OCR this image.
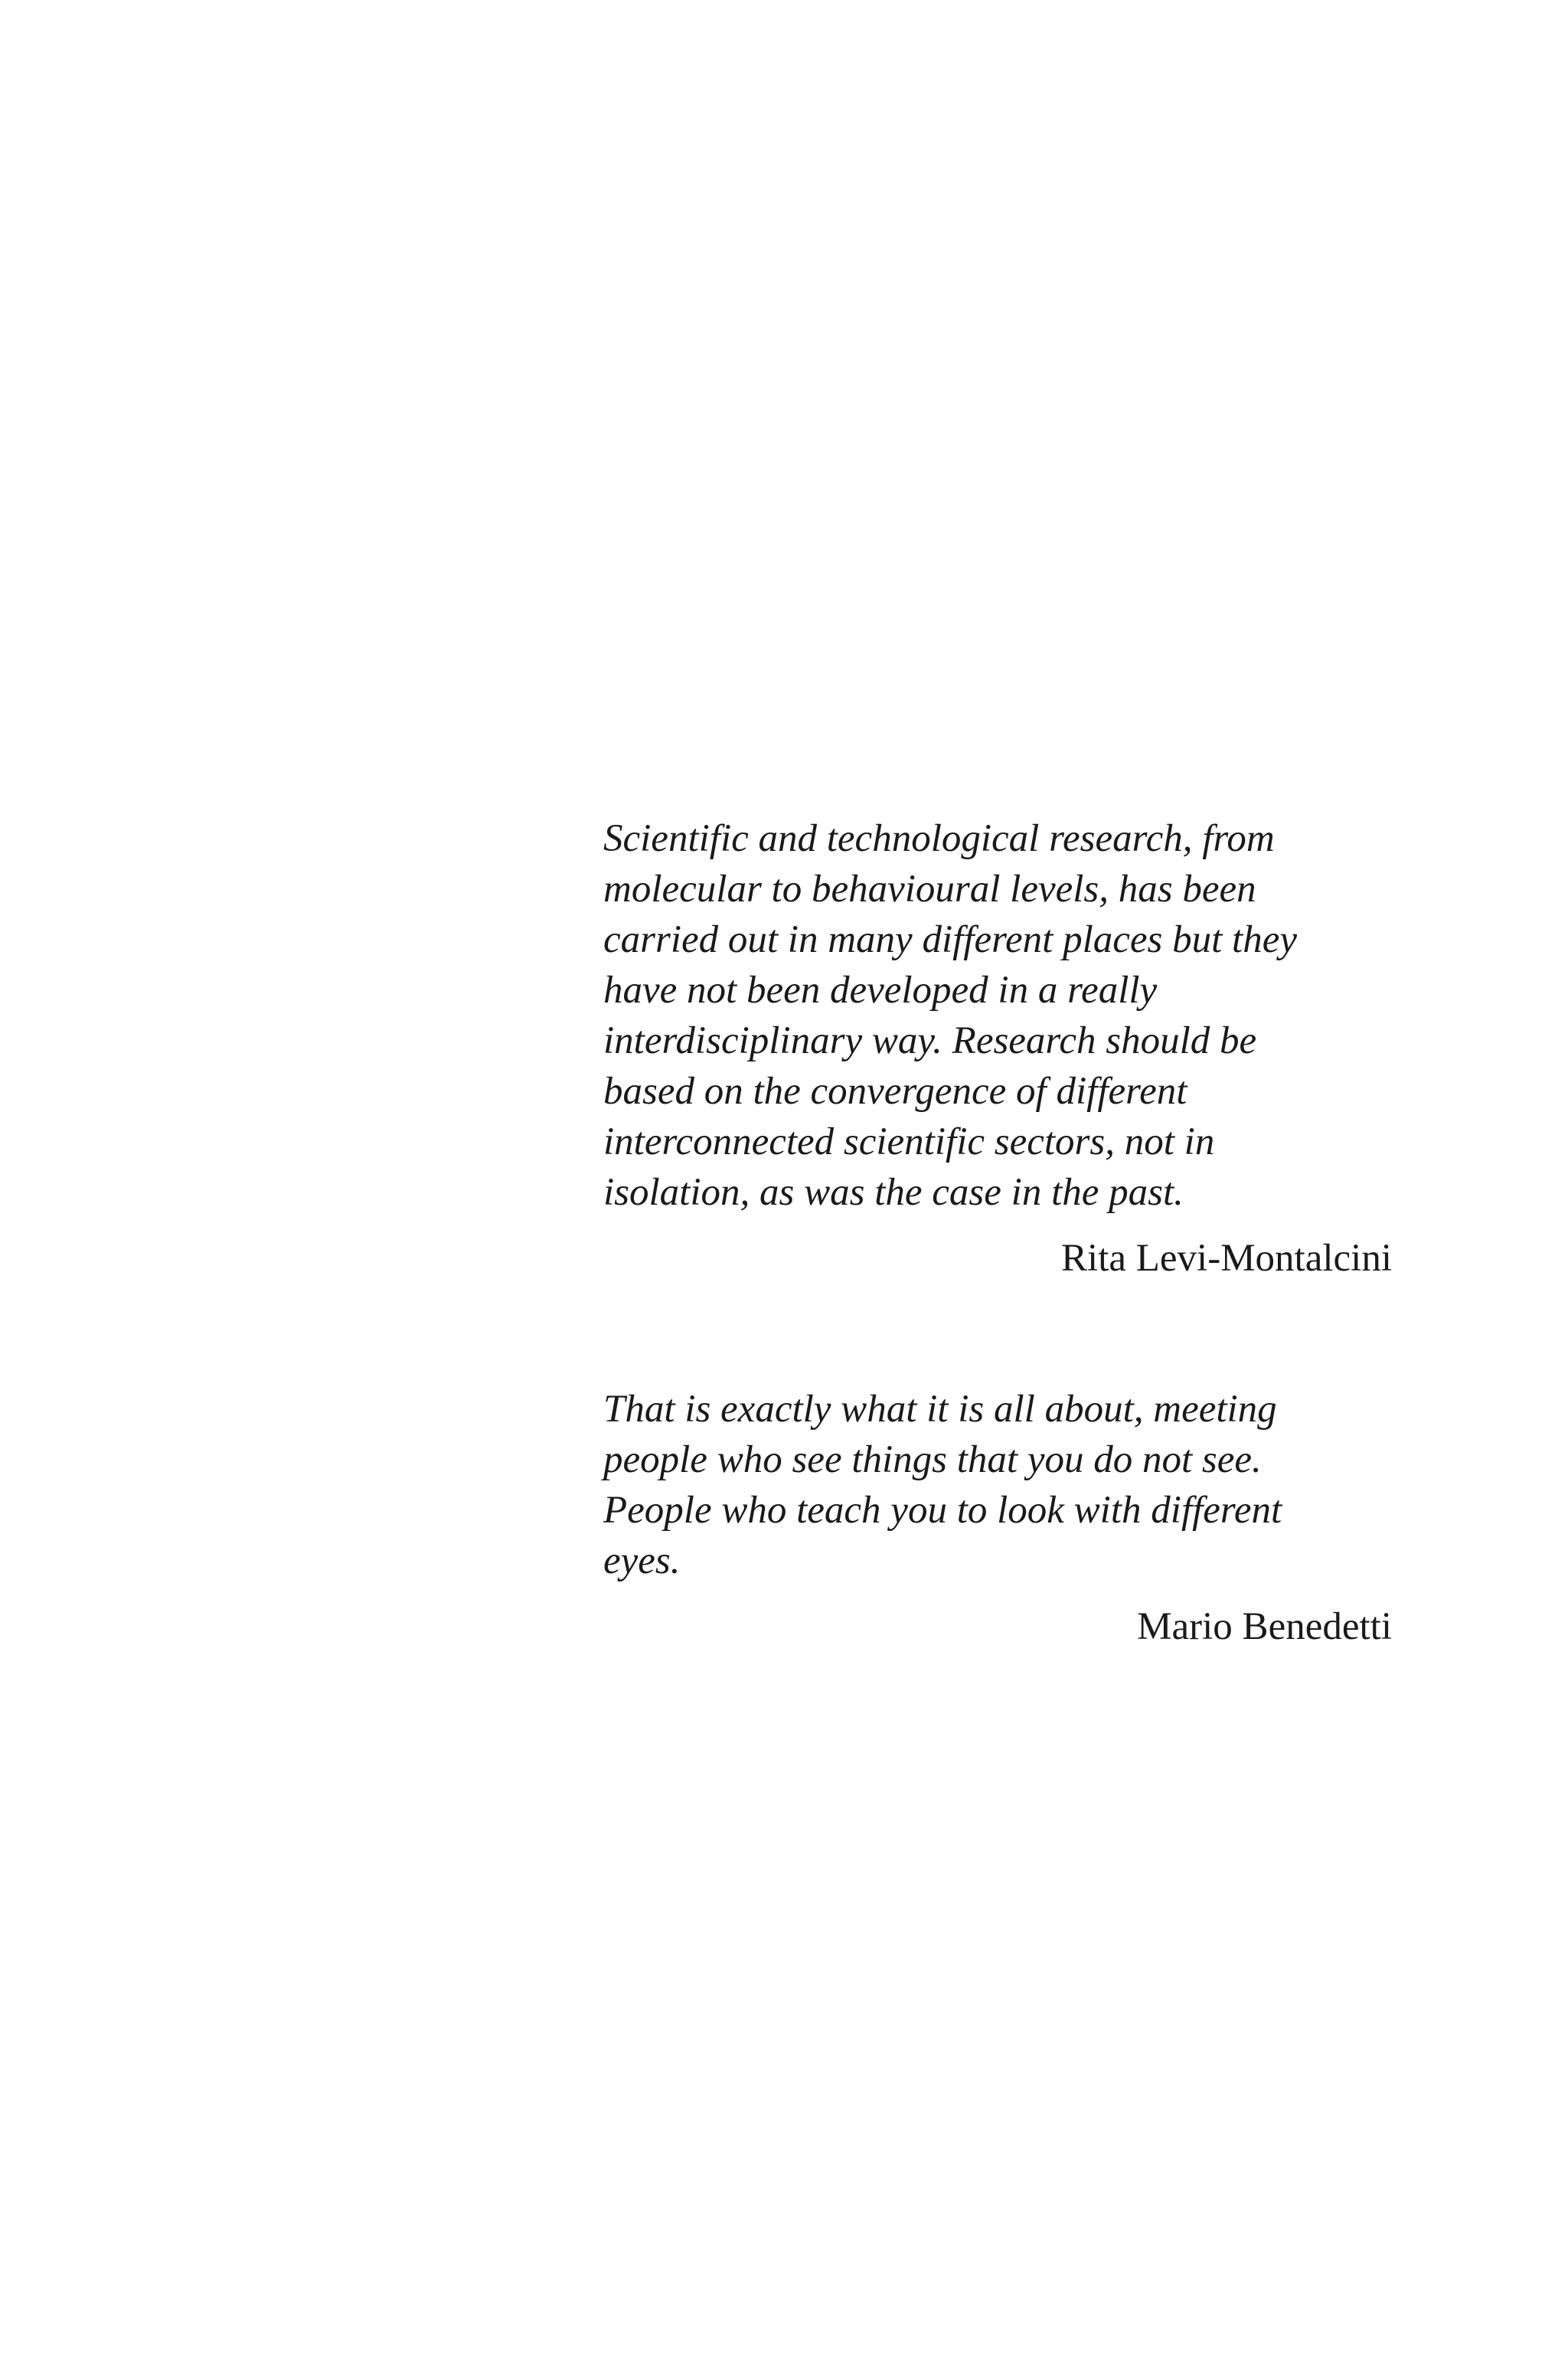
Scientific and technological research, from
molecular to behavioural levels, has been
carried out in many different places but they
have not been developed in a really
interdisciplinary way. Research should be
based on the convergence of different
interconnected scientific sectors, not in
isolation, as was the case in the past.
Rita Levi-Montalcini
That is exactly what it is all about, meeting
people who see things that you do not see.
People who teach you to look with different
eyes.
Mario Benedetti
